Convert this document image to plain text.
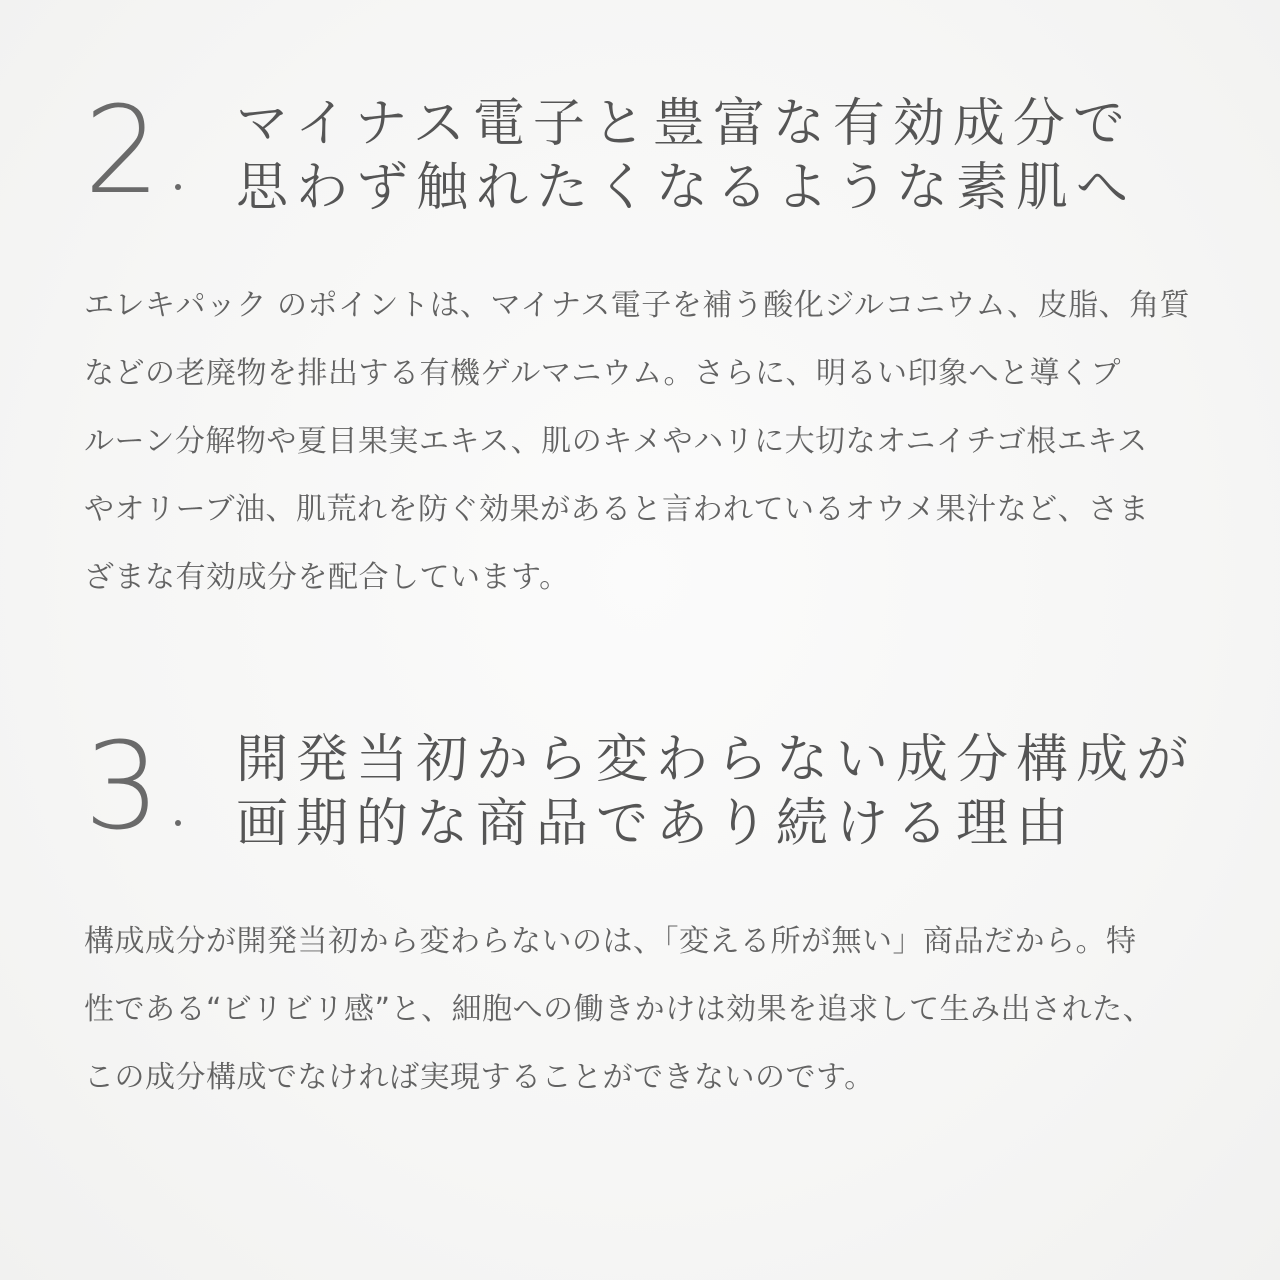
2 マイナス電子と豊富な有効成分で
思わず触れたくなるような素肌へ
エレキパック のポイントは、マイナス電子を補う酸化ジルコニウム、皮脂、角質
などの老廃物を排出する有機ゲルマニウム。さらに、明るい印象へと導くプ
ルーン分解物や夏目果実エキス、肌のキメやハリに大切なオニイチゴ根エキス
やオリーブ油、肌荒れを防ぐ効果があると言われているオウメ果汁など、さま
ざまな有効成分を配合しています。
3 開発当初から変わらない成分構成が
画期的な商品であり続ける理由
構成成分が開発当初から変わらないのは、「変える所が無い」商品だから。特
性である“ビリビリ感”と、細胞への働きかけは効果を追求して生み出された、
この成分構成でなければ実現することができないのです。
